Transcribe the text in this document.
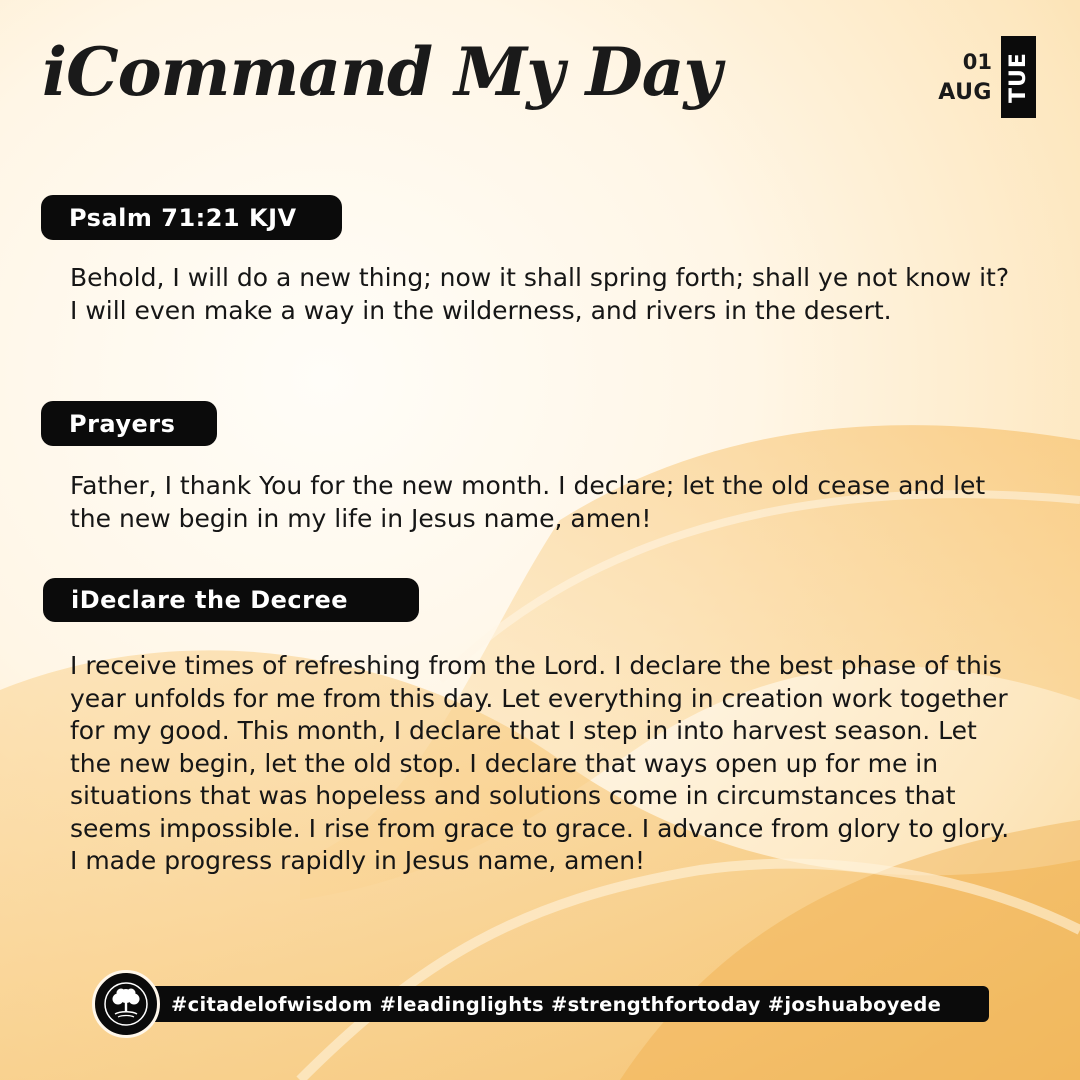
iCommand My Day	01
AUG TUE
Psalm 71:21 KJV

Behold, I will do a new thing; now it shall spring forth; shall ye not know it? I will even make a way in the wilderness, and rivers in the desert.

Prayers

Father, I thank You for the new month. I declare; let the old cease and let the new begin in my life in Jesus name, amen!

iDeclare the Decree

I receive times of refreshing from the Lord. I declare the best phase of this year unfolds for me from this day. Let everything in creation work together for my good. This month, I declare that I step in into harvest season. Let the new begin, let the old stop. I declare that ways open up for me in situations that was hopeless and solutions come in circumstances that seems impossible. I rise from grace to grace. I advance from glory to glory. I made progress rapidly in Jesus name, amen!

#citadelofwisdom #leadinglights #strengthfortoday #joshuaboyede
